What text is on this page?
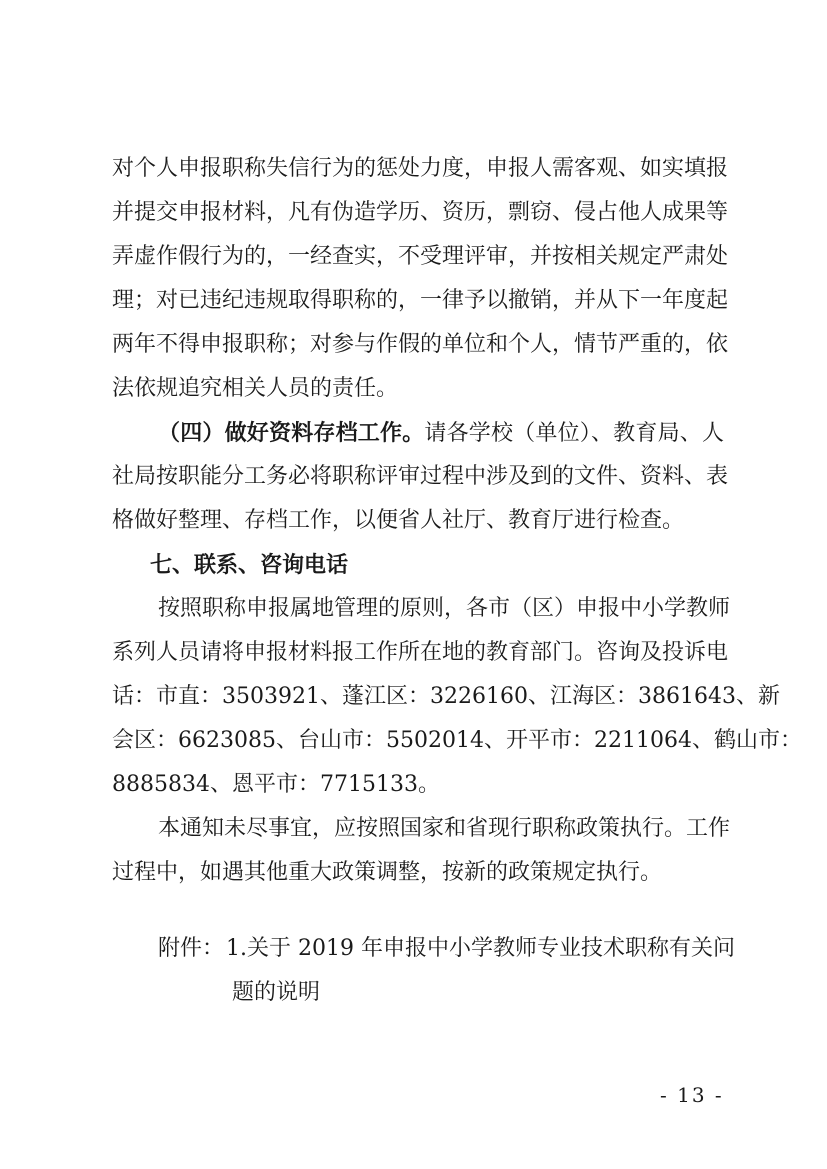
对个人申报职称失信行为的惩处力度，申报人需客观、如实填报
并提交申报材料，凡有伪造学历、资历，剽窃、侵占他人成果等
弄虚作假行为的，一经查实，不受理评审，并按相关规定严肃处
理；对已违纪违规取得职称的，一律予以撤销，并从下一年度起
两年不得申报职称；对参与作假的单位和个人，情节严重的，依
法依规追究相关人员的责任。
（四）做好资料存档工作。请各学校（单位）、教育局、人
社局按职能分工务必将职称评审过程中涉及到的文件、资料、表
格做好整理、存档工作，以便省人社厅、教育厅进行检查。
七、联系、咨询电话
按照职称申报属地管理的原则，各市（区）申报中小学教师
系列人员请将申报材料报工作所在地的教育部门。咨询及投诉电
话：市直：3503921、蓬江区：3226160、江海区：3861643、新
会区：6623085、台山市：5502014、开平市：2211064、鹤山市：
8885834、恩平市：7715133。
本通知未尽事宜，应按照国家和省现行职称政策执行。工作
过程中，如遇其他重大政策调整，按新的政策规定执行。
附件： 1.关于 2019 年申报中小学教师专业技术职称有关问
题的说明
- 13 -
